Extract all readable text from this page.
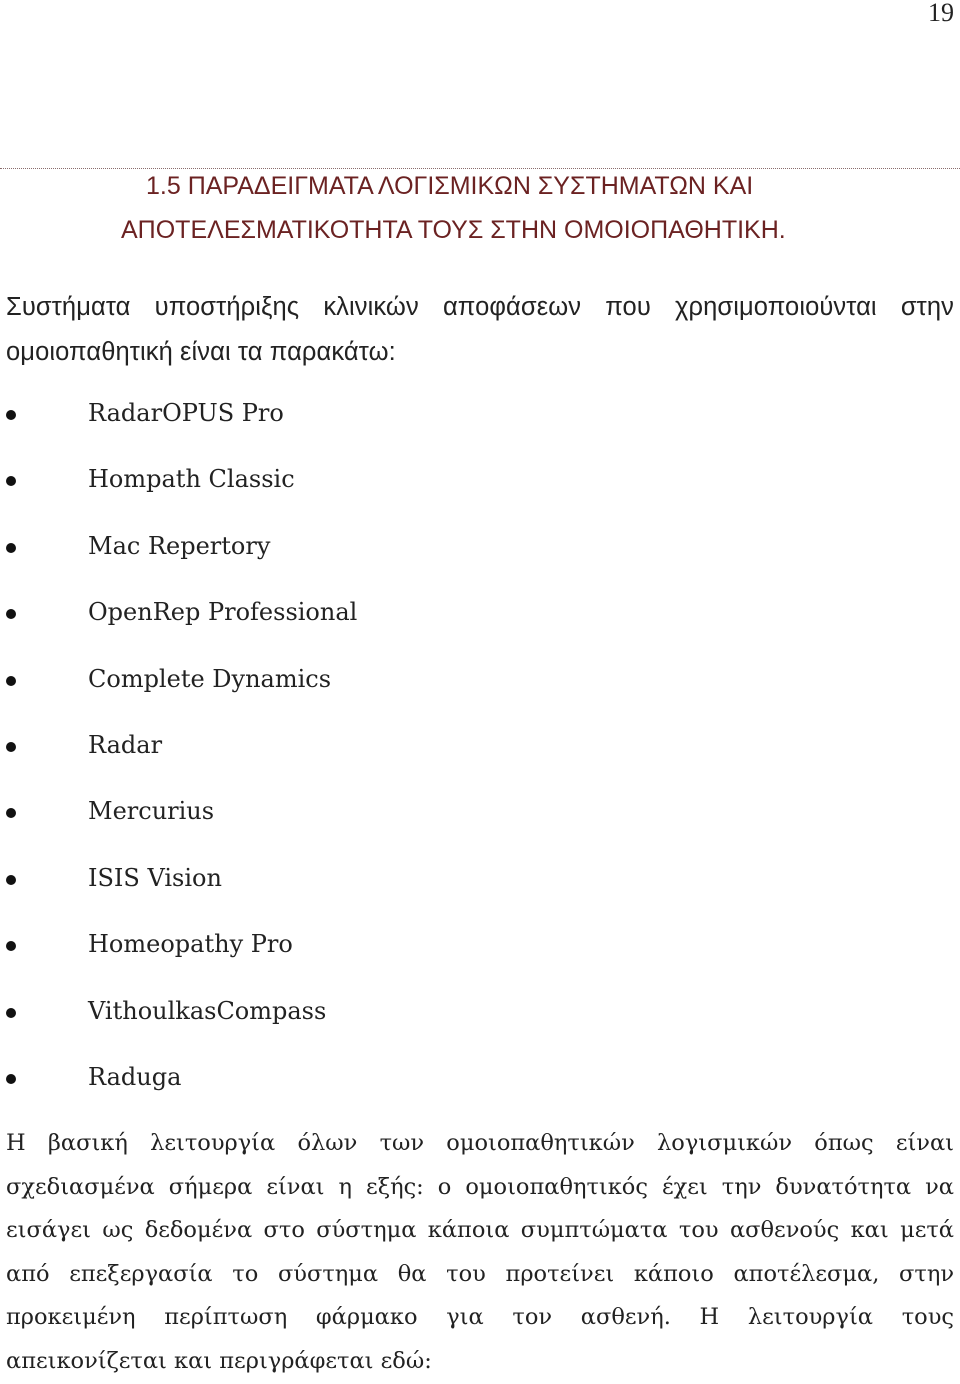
19
1.5 ΠΑΡΑΔΕΙΓΜΑΤΑ ΛΟΓΙΣΜΙΚΩΝ ΣΥΣΤΗΜΑΤΩΝ ΚΑΙ
ΑΠΟΤΕΛΕΣΜΑΤΙΚΟΤΗΤΑ ΤΟΥΣ ΣΤΗΝ ΟΜΟΙΟΠΑΘΗΤΙΚΗ.
Συστήματα υποστήριξης κλινικών αποφάσεων που χρησιμοποιούνται στην
ομοιοπαθητική είναι τα παρακάτω:
RadarOPUS Pro
Hompath Classic
Mac Repertory
OpenRep Professional
Complete Dynamics
Radar
Mercurius
ISIS Vision
Homeopathy Pro
VithoulkasCompass
Raduga
Η βασική λειτουργία όλων των ομοιοπαθητικών λογισμικών όπως είναι
σχεδιασμένα σήμερα είναι η εξής: ο ομοιοπαθητικός έχει την δυνατότητα να
εισάγει ως δεδομένα στο σύστημα κάποια συμπτώματα του ασθενούς και μετά
από επεξεργασία το σύστημα θα του προτείνει κάποιο αποτέλεσμα, στην
προκειμένη περίπτωση φάρμακο για τον ασθενή. Η λειτουργία τους
απεικονίζεται και περιγράφεται εδώ:
